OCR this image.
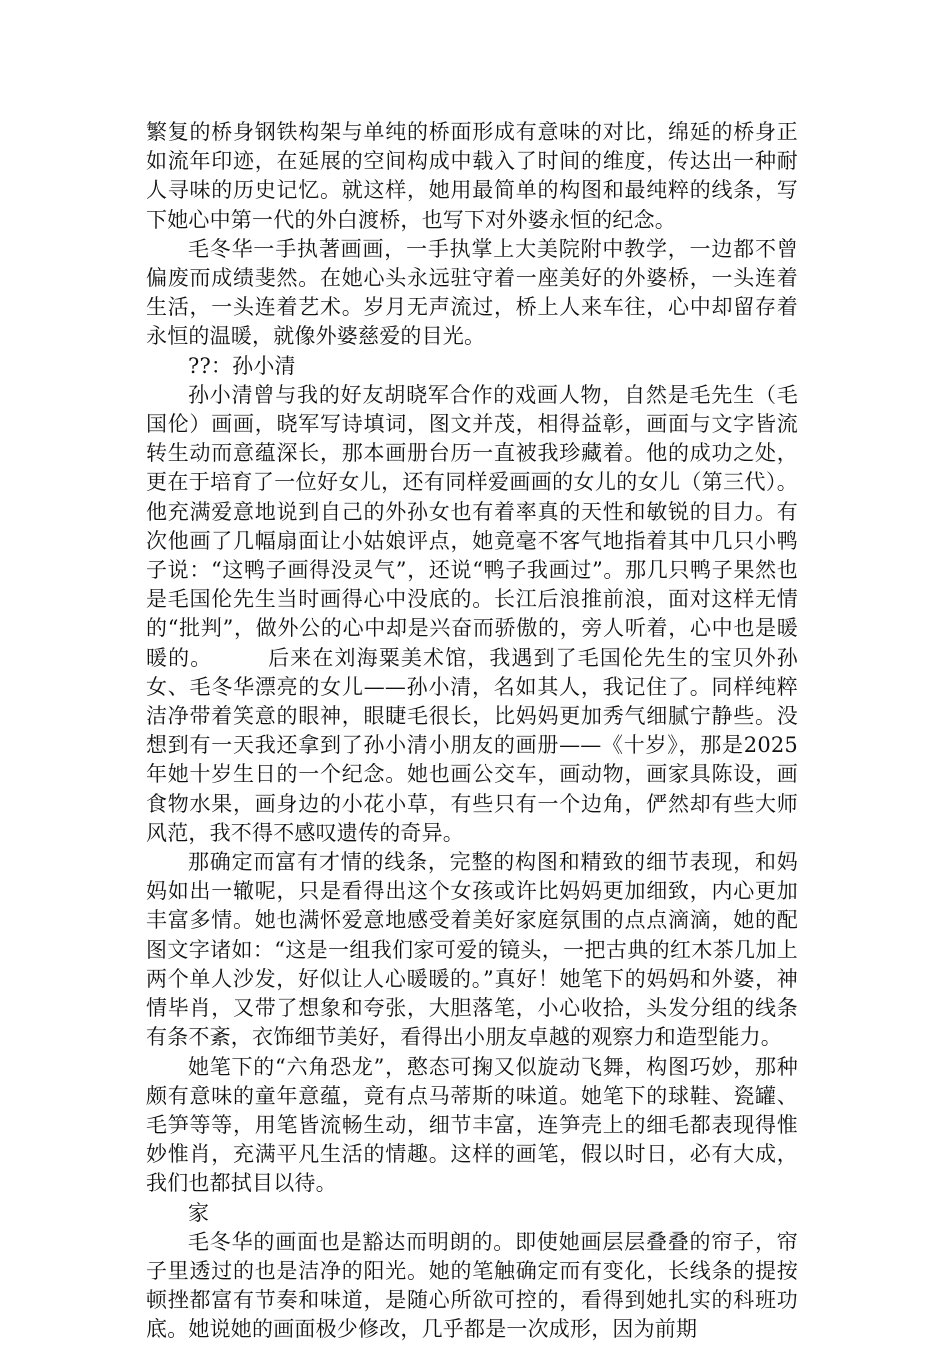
繁复的桥身钢铁构架与单纯的桥面形成有意味的对比，绵延的桥身正如流年印迹，在延展的空间构成中载入了时间的维度，传达出一种耐人寻味的历史记忆。就这样，她用最简单的构图和最纯粹的线条，写下她心中第一代的外白渡桥，也写下对外婆永恒的纪念。

毛冬华一手执著画画，一手执掌上大美院附中教学，一边都不曾偏废而成绩斐然。在她心头永远驻守着一座美好的外婆桥，一头连着生活，一头连着艺术。岁月无声流过，桥上人来车往，心中却留存着永恒的温暖，就像外婆慈爱的目光。

??：孙小清

孙小清曾与我的好友胡晓军合作的戏画人物，自然是毛先生（毛国伦）画画，晓军写诗填词，图文并茂，相得益彰，画面与文字皆流转生动而意蕴深长，那本画册台历一直被我珍藏着。他的成功之处，更在于培育了一位好女儿，还有同样爱画画的女儿的女儿（第三代）。他充满爱意地说到自己的外孙女也有着率真的天性和敏锐的目力。有次他画了几幅扇面让小姑娘评点，她竟毫不客气地指着其中几只小鸭子说：“这鸭子画得没灵气”，还说“鸭子我画过”。那几只鸭子果然也是毛国伦先生当时画得心中没底的。长江后浪推前浪，面对这样无情的“批判”，做外公的心中却是兴奋而骄傲的，旁人听着，心中也是暖暖的。　　　后来在刘海粟美术馆，我遇到了毛国伦先生的宝贝外孙女、毛冬华漂亮的女儿——孙小清，名如其人，我记住了。同样纯粹洁净带着笑意的眼神，眼睫毛很长，比妈妈更加秀气细腻宁静些。没想到有一天我还拿到了孙小清小朋友的画册——《十岁》，那是2025年她十岁生日的一个纪念。她也画公交车，画动物，画家具陈设，画食物水果，画身边的小花小草，有些只有一个边角，俨然却有些大师风范，我不得不感叹遗传的奇异。

那确定而富有才情的线条，完整的构图和精致的细节表现，和妈妈如出一辙呢，只是看得出这个女孩或许比妈妈更加细致，内心更加丰富多情。她也满怀爱意地感受着美好家庭氛围的点点滴滴，她的配图文字诸如：“这是一组我们家可爱的镜头，一把古典的红木茶几加上两个单人沙发，好似让人心暖暖的。”真好！她笔下的妈妈和外婆，神情毕肖，又带了想象和夸张，大胆落笔，小心收拾，头发分组的线条有条不紊，衣饰细节美好，看得出小朋友卓越的观察力和造型能力。

她笔下的“六角恐龙”，憨态可掬又似旋动飞舞，构图巧妙，那种颇有意味的童年意蕴，竟有点马蒂斯的味道。她笔下的球鞋、瓷罐、毛笋等等，用笔皆流畅生动，细节丰富，连笋壳上的细毛都表现得惟妙惟肖，充满平凡生活的情趣。这样的画笔，假以时日，必有大成，我们也都拭目以待。

家

毛冬华的画面也是豁达而明朗的。即使她画层层叠叠的帘子，帘子里透过的也是洁净的阳光。她的笔触确定而有变化，长线条的提按顿挫都富有节奏和味道，是随心所欲可控的，看得到她扎实的科班功底。她说她的画面极少修改，几乎都是一次成形，因为前期
